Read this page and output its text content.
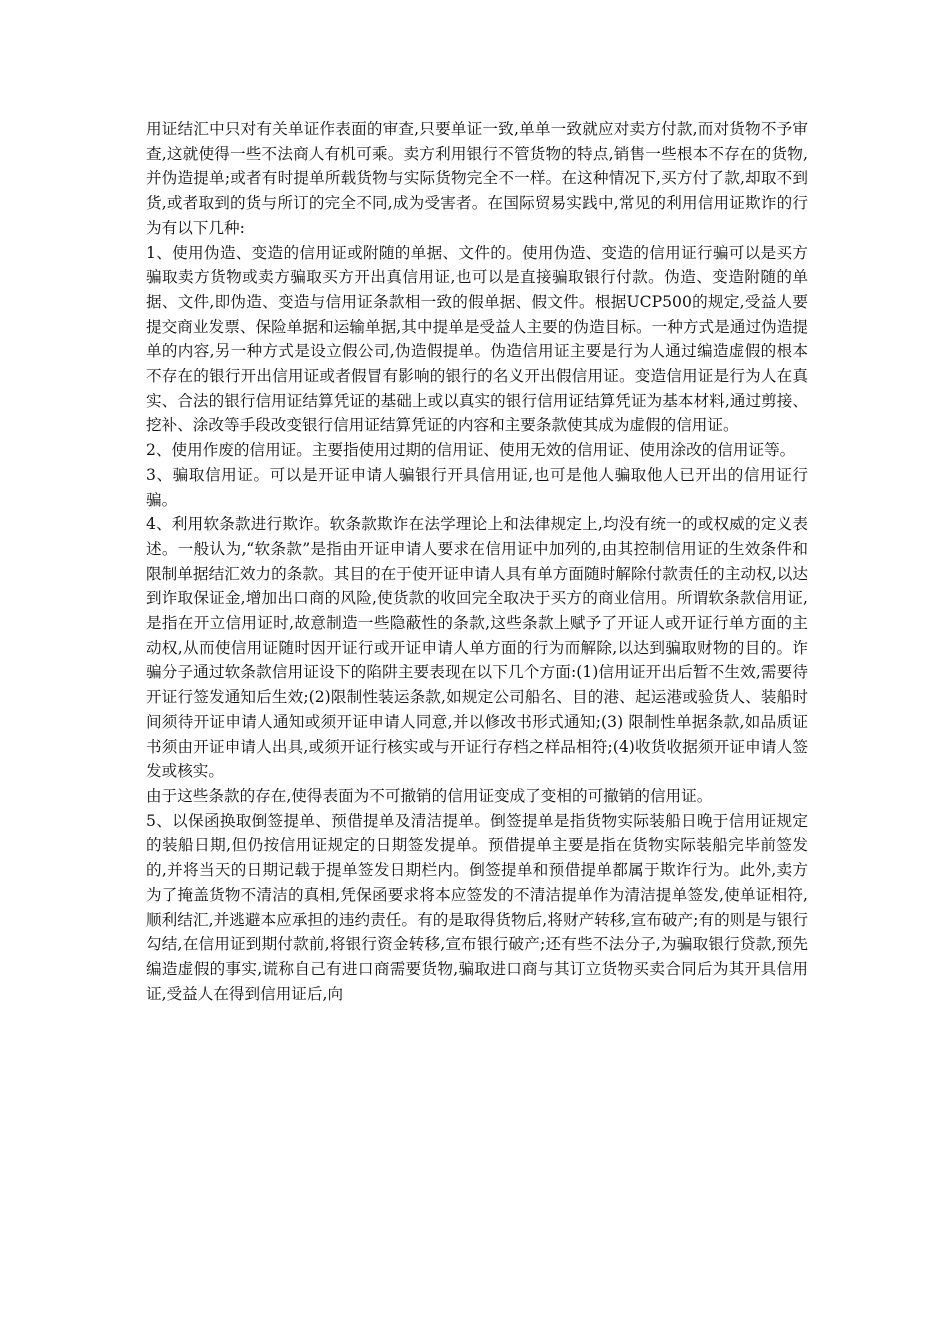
用证结汇中只对有关单证作表面的审查,只要单证一致,单单一致就应对卖方付款,而对货物不予审查,这就使得一些不法商人有机可乘。卖方利用银行不管货物的特点,销售一些根本不存在的货物,并伪造提单;或者有时提单所载货物与实际货物完全不一样。在这种情况下,买方付了款,却取不到货,或者取到的货与所订的完全不同,成为受害者。在国际贸易实践中,常见的利用信用证欺诈的行为有以下几种:

1、使用伪造、变造的信用证或附随的单据、文件的。使用伪造、变造的信用证行骗可以是买方骗取卖方货物或卖方骗取买方开出真信用证,也可以是直接骗取银行付款。伪造、变造附随的单据、文件,即伪造、变造与信用证条款相一致的假单据、假文件。根据UCP500的规定,受益人要提交商业发票、保险单据和运输单据,其中提单是受益人主要的伪造目标。一种方式是通过伪造提单的内容,另一种方式是设立假公司,伪造假提单。伪造信用证主要是行为人通过编造虚假的根本不存在的银行开出信用证或者假冒有影响的银行的名义开出假信用证。变造信用证是行为人在真实、合法的银行信用证结算凭证的基础上或以真实的银行信用证结算凭证为基本材料,通过剪接、挖补、涂改等手段改变银行信用证结算凭证的内容和主要条款使其成为虚假的信用证。

2、使用作废的信用证。主要指使用过期的信用证、使用无效的信用证、使用涂改的信用证等。

3、骗取信用证。可以是开证申请人骗银行开具信用证,也可是他人骗取他人已开出的信用证行骗。

4、利用软条款进行欺诈。软条款欺诈在法学理论上和法律规定上,均没有统一的或权威的定义表述。一般认为,“软条款”是指由开证申请人要求在信用证中加列的,由其控制信用证的生效条件和限制单据结汇效力的条款。其目的在于使开证申请人具有单方面随时解除付款责任的主动权,以达到诈取保证金,增加出口商的风险,使货款的收回完全取决于买方的商业信用。所谓软条款信用证,是指在开立信用证时,故意制造一些隐蔽性的条款,这些条款上赋予了开证人或开证行单方面的主动权,从而使信用证随时因开证行或开证申请人单方面的行为而解除,以达到骗取财物的目的。诈骗分子通过软条款信用证设下的陷阱主要表现在以下几个方面:(1)信用证开出后暂不生效,需要待开证行签发通知后生效;(2)限制性装运条款,如规定公司船名、目的港、起运港或验货人、装船时间须待开证申请人通知或须开证申请人同意,并以修改书形式通知;(3) 限制性单据条款,如品质证书须由开证申请人出具,或须开证行核实或与开证行存档之样品相符;(4)收货收据须开证申请人签发或核实。

由于这些条款的存在,使得表面为不可撤销的信用证变成了变相的可撤销的信用证。

5、以保函换取倒签提单、预借提单及清洁提单。倒签提单是指货物实际装船日晚于信用证规定的装船日期,但仍按信用证规定的日期签发提单。预借提单主要是指在货物实际装船完毕前签发的,并将当天的日期记载于提单签发日期栏内。倒签提单和预借提单都属于欺诈行为。此外,卖方为了掩盖货物不清洁的真相,凭保函要求将本应签发的不清洁提单作为清洁提单签发,使单证相符,顺利结汇,并逃避本应承担的违约责任。有的是取得货物后,将财产转移,宣布破产;有的则是与银行勾结,在信用证到期付款前,将银行资金转移,宣布银行破产;还有些不法分子,为骗取银行贷款,预先编造虚假的事实,谎称自己有进口商需要货物,骗取进口商与其订立货物买卖合同后为其开具信用证,受益人在得到信用证后,向
